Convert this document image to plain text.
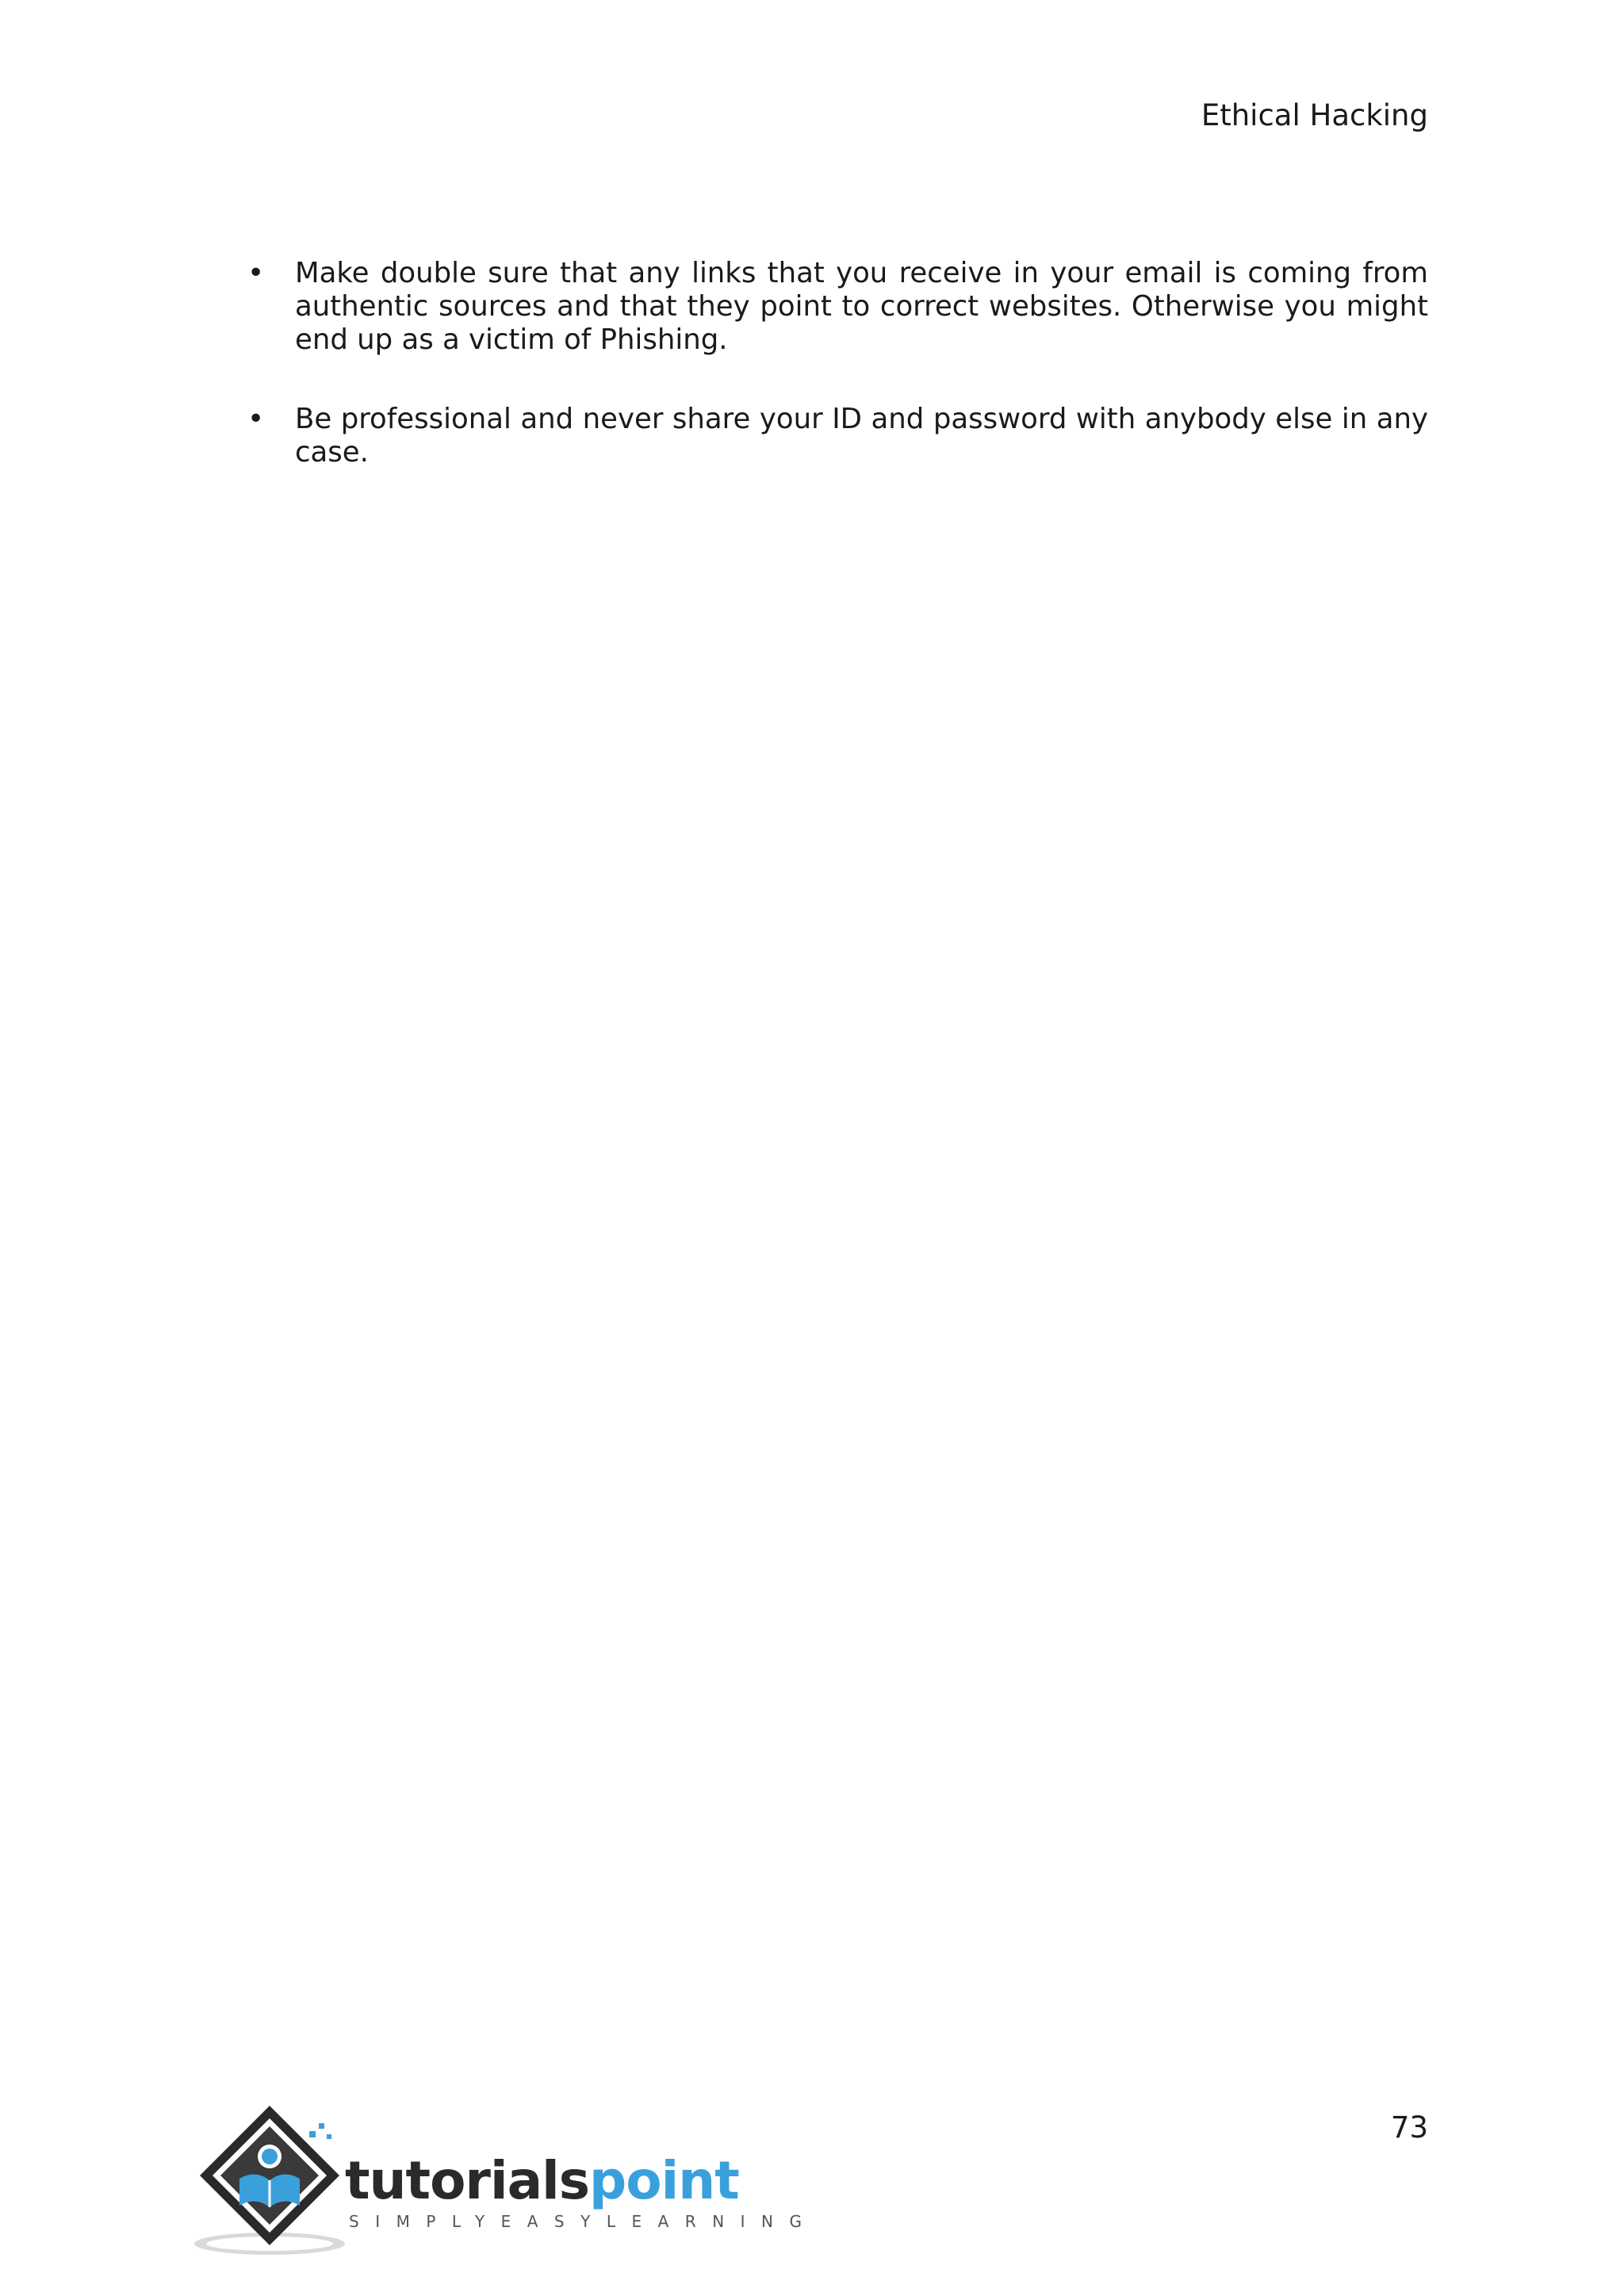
Ethical Hacking
•	Make double sure that any links that you receive in your email is coming from authentic sources and that they point to correct websites. Otherwise you might end up as a victim of Phishing.
•	Be professional and never share your ID and password with anybody else in any case.
73
tutorialspoint
SIMPLYEASYLEARNING
